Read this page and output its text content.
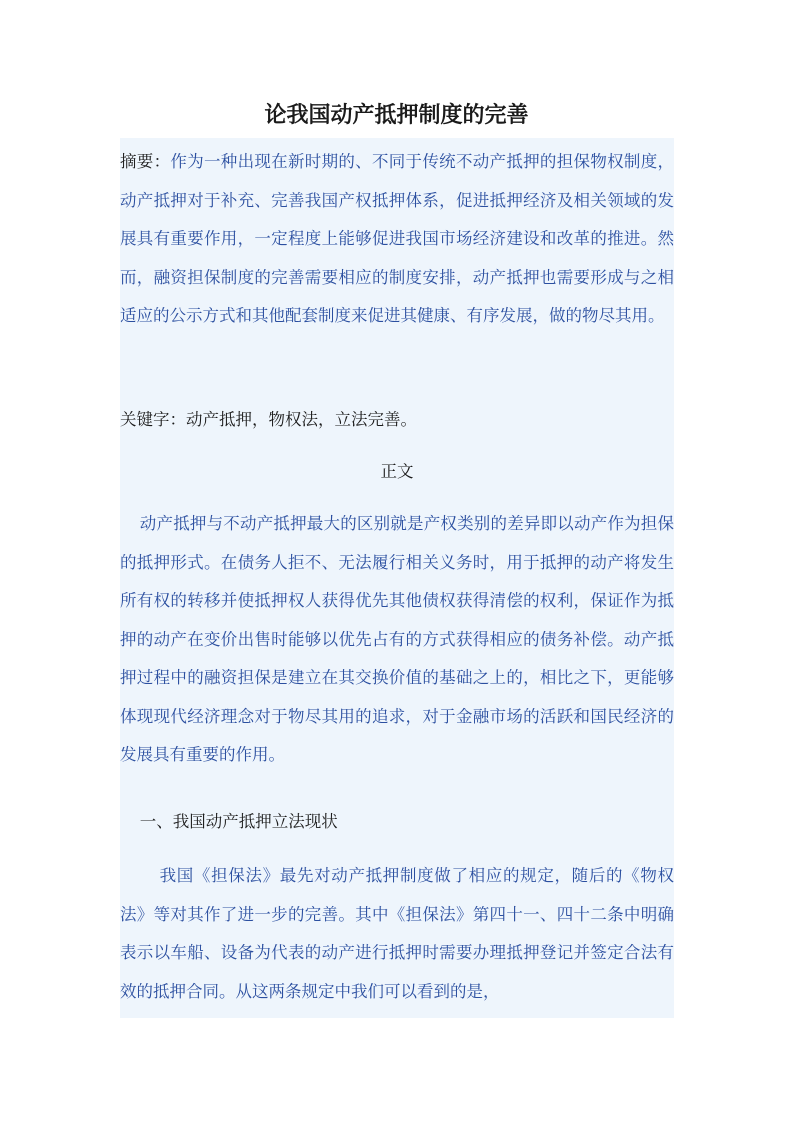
论我国动产抵押制度的完善
摘要：作为一种出现在新时期的、不同于传统不动产抵押的担保物权制度，动产抵押对于补充、完善我国产权抵押体系，促进抵押经济及相关领域的发展具有重要作用，一定程度上能够促进我国市场经济建设和改革的推进。然而，融资担保制度的完善需要相应的制度安排，动产抵押也需要形成与之相适应的公示方式和其他配套制度来促进其健康、有序发展，做的物尽其用。
关键字：动产抵押，物权法，立法完善。
正文
动产抵押与不动产抵押最大的区别就是产权类别的差异即以动产作为担保的抵押形式。在债务人拒不、无法履行相关义务时，用于抵押的动产将发生所有权的转移并使抵押权人获得优先其他债权获得清偿的权利，保证作为抵押的动产在变价出售时能够以优先占有的方式获得相应的债务补偿。动产抵押过程中的融资担保是建立在其交换价值的基础之上的，相比之下，更能够体现现代经济理念对于物尽其用的追求，对于金融市场的活跃和国民经济的发展具有重要的作用。
一、我国动产抵押立法现状
我国《担保法》最先对动产抵押制度做了相应的规定，随后的《物权法》等对其作了进一步的完善。其中《担保法》第四十一、四十二条中明确表示以车船、设备为代表的动产进行抵押时需要办理抵押登记并签定合法有效的抵押合同。从这两条规定中我们可以看到的是，
